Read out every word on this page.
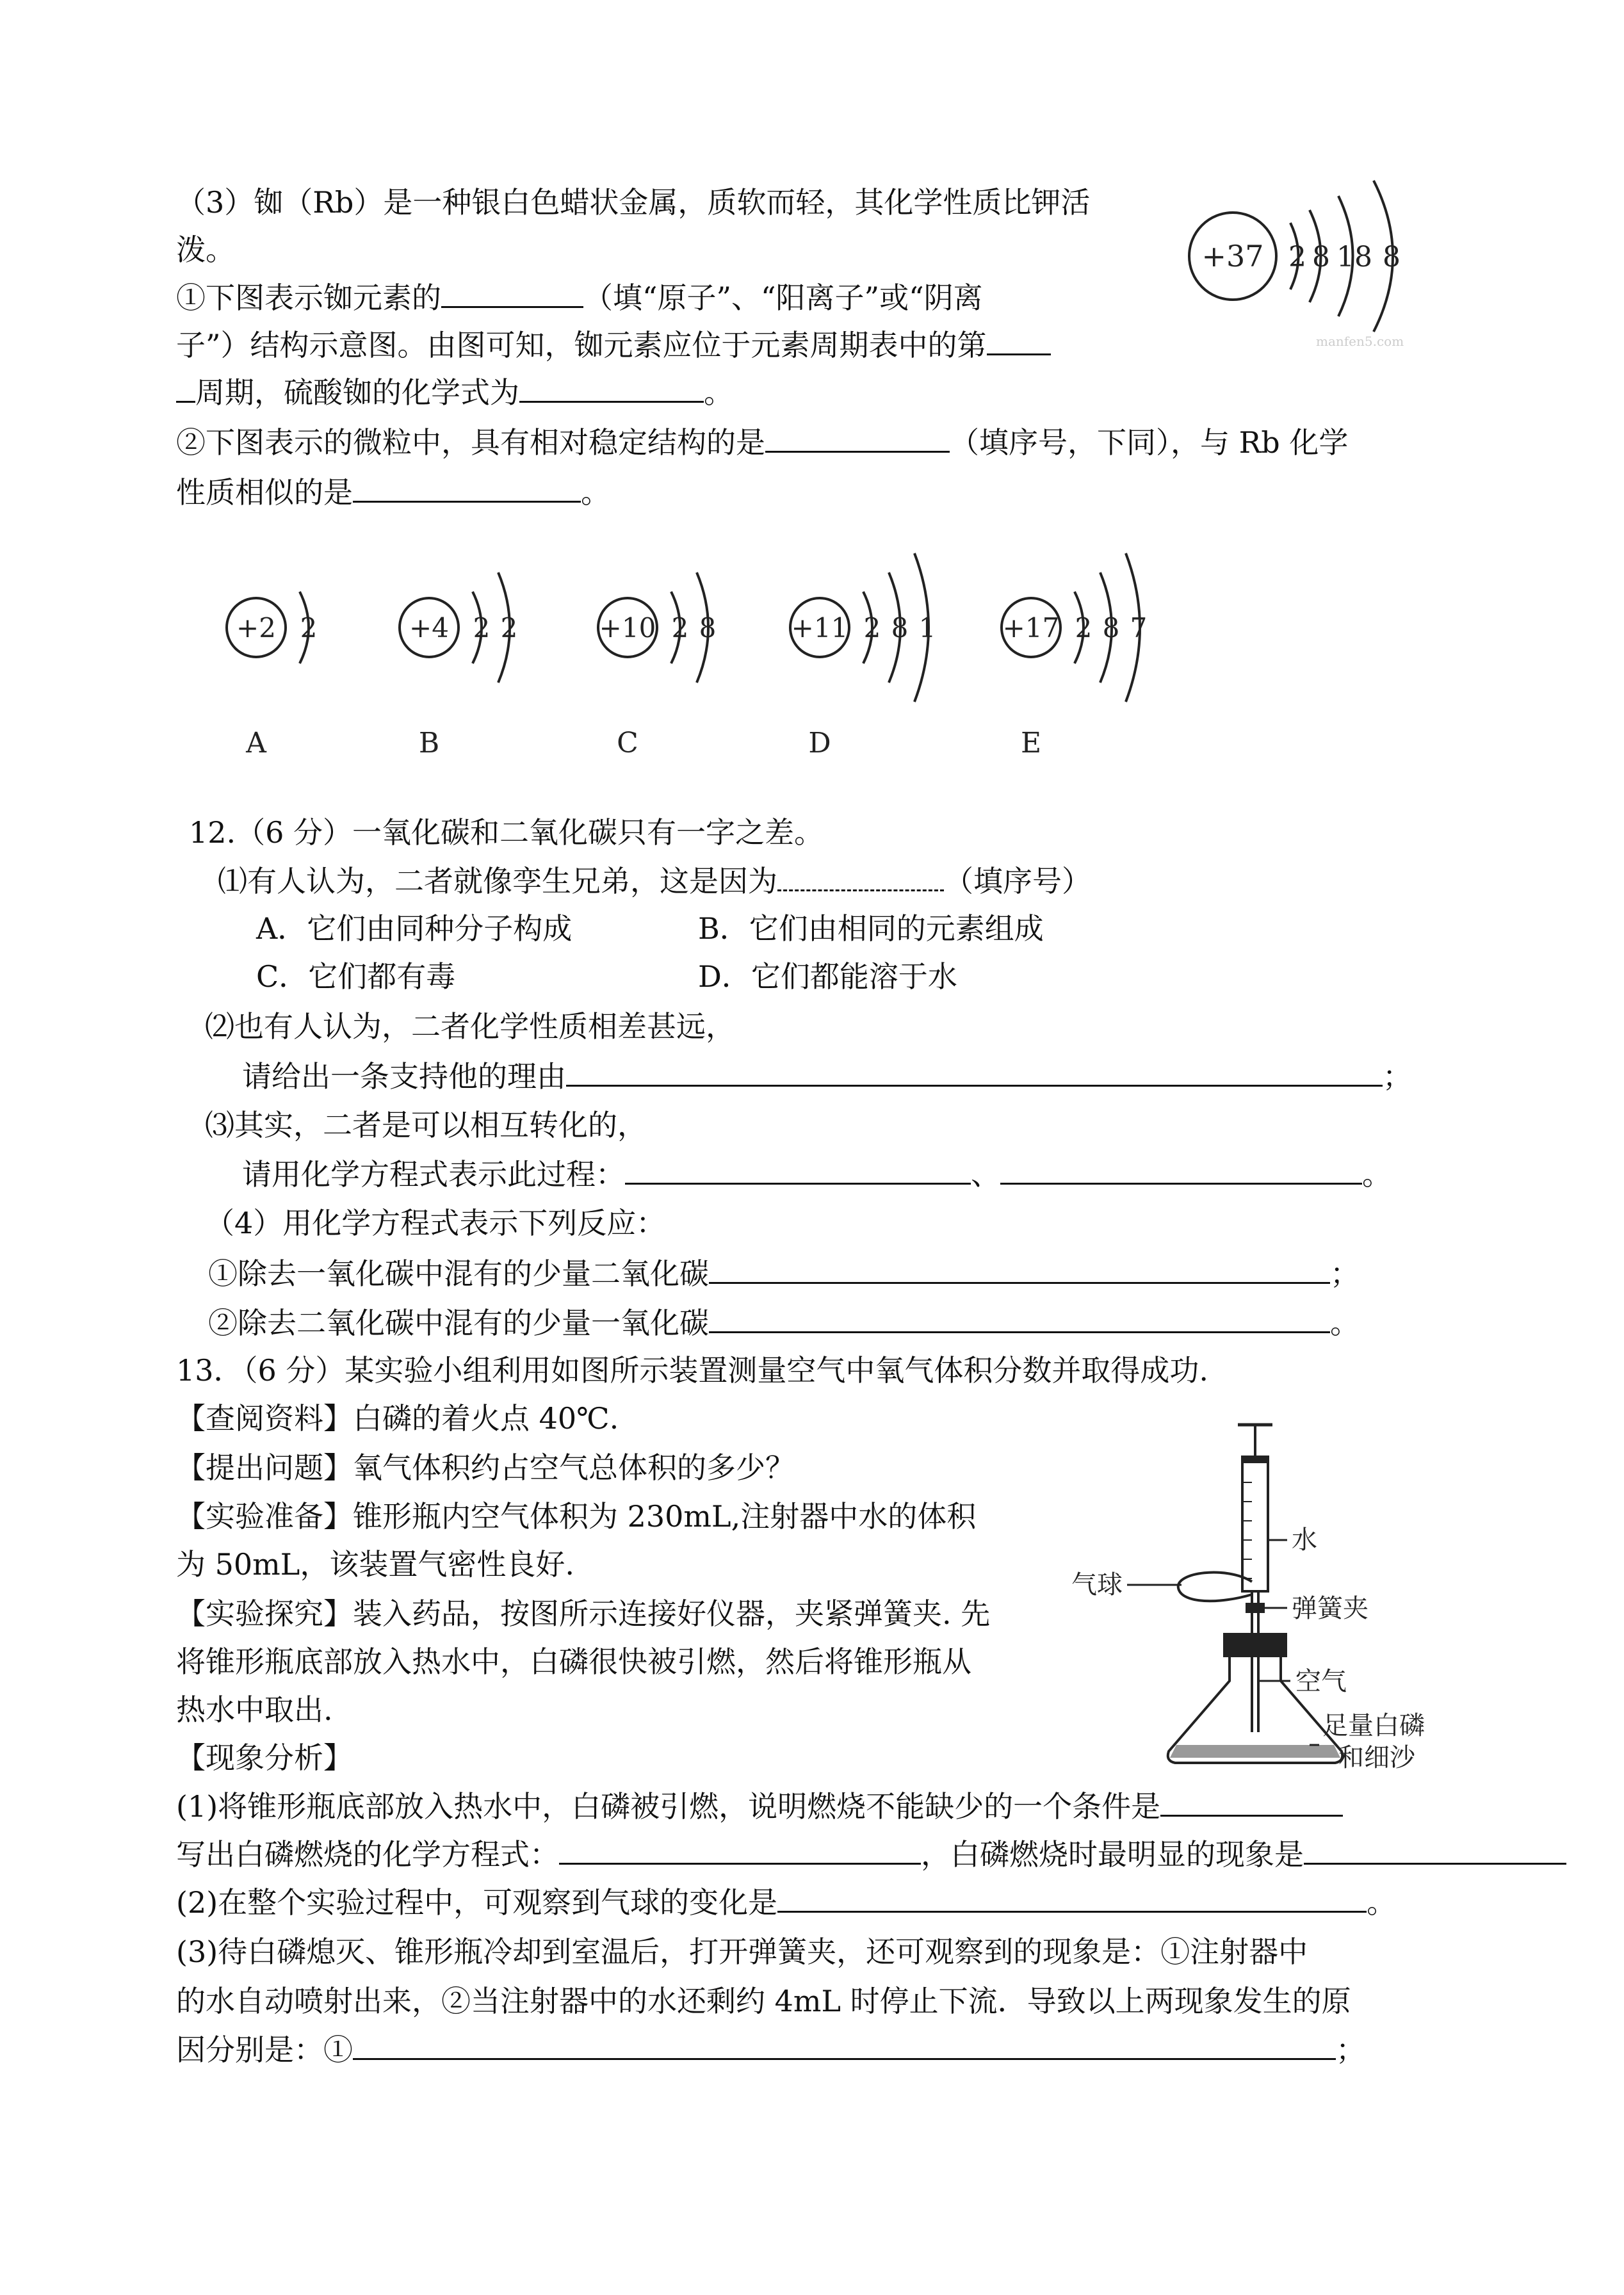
（3）铷（Rb）是一种银白色蜡状金属，质软而轻，其化学性质比钾活
泼。
①下图表示铷元素的	（填“原子”、“阳离子”或“阴离
子”）结构示意图。由图可知，铷元素应位于元素周期表中的第
周期，硫酸铷的化学式为	。
②下图表示的微粒中，具有相对稳定结构的是	（填序号，下同），与 Rb 化学
性质相似的是	。
+37 2 8 18 8
manfen5.com
+2 2
A
+4 2 2
B
+10 2 8
C
+11 2 8 1
D
+17 2 8 7
E
12.（6 分）一氧化碳和二氧化碳只有一字之差。
⑴有人认为，二者就像孪生兄弟，这是因为	（填序号）
A．它们由同种分子构成	B．它们由相同的元素组成
C．它们都有毒	D．它们都能溶于水
⑵也有人认为，二者化学性质相差甚远，
请给出一条支持他的理由	；
⑶其实，二者是可以相互转化的，
请用化学方程式表示此过程：	、	。
（4）用化学方程式表示下列反应：
①除去一氧化碳中混有的少量二氧化碳	；
②除去二氧化碳中混有的少量一氧化碳	。
13．（6 分）某实验小组利用如图所示装置测量空气中氧气体积分数并取得成功.
【查阅资料】白磷的着火点 40℃.
【提出问题】氧气体积约占空气总体积的多少？
【实验准备】锥形瓶内空气体积为 230mL,注射器中水的体积
为 50mL，该装置气密性良好.
【实验探究】装入药品，按图所示连接好仪器，夹紧弹簧夹. 先
将锥形瓶底部放入热水中，白磷很快被引燃，然后将锥形瓶从
热水中取出.
【现象分析】
水
气球
弹簧夹
空气
足量白磷
和细沙
(1)将锥形瓶底部放入热水中，白磷被引燃，说明燃烧不能缺少的一个条件是
写出白磷燃烧的化学方程式：	，白磷燃烧时最明显的现象是
(2)在整个实验过程中，可观察到气球的变化是	。
(3)待白磷熄灭、锥形瓶冷却到室温后，打开弹簧夹，还可观察到的现象是：①注射器中
的水自动喷射出来，②当注射器中的水还剩约 4mL 时停止下流．导致以上两现象发生的原
因分别是：①	；
